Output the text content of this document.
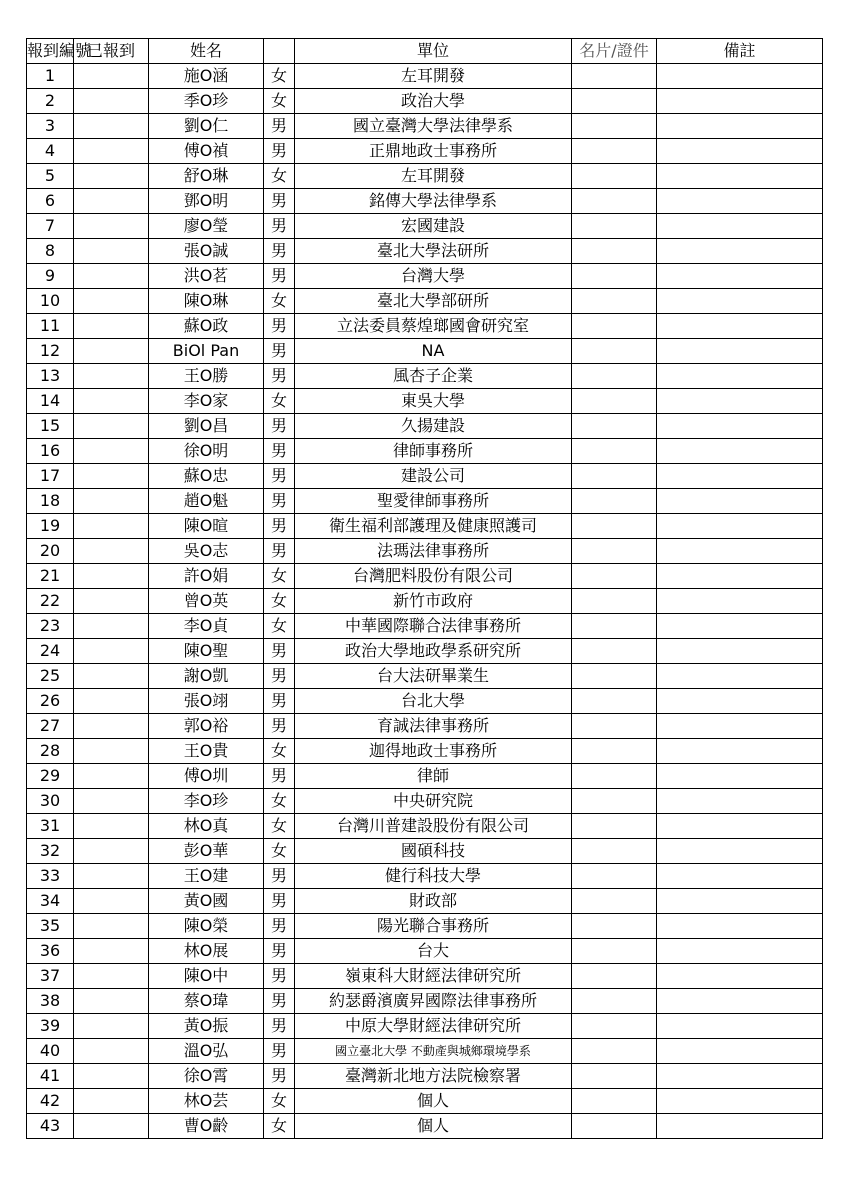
報到編號	已報到	姓名		單位	名片/證件	備註
1		施O涵	女	左耳開發		
2		季O珍	女	政治大學		
3		劉O仁	男	國立臺灣大學法律學系		
4		傅O禎	男	正鼎地政士事務所		
5		舒O琳	女	左耳開發		
6		鄧O明	男	銘傳大學法律學系		
7		廖O瑩	男	宏國建設		
8		張O誠	男	臺北大學法研所		
9		洪O茗	男	台灣大學		
10		陳O琳	女	臺北大學部研所		
11		蘇O政	男	立法委員蔡煌瑯國會研究室		
12		BiOl Pan	男	NA		
13		王O勝	男	風杏子企業		
14		李O家	女	東吳大學		
15		劉O昌	男	久揚建設		
16		徐O明	男	律師事務所		
17		蘇O忠	男	建設公司		
18		趙O魁	男	聖愛律師事務所		
19		陳O暄	男	衛生福利部護理及健康照護司		
20		吳O志	男	法瑪法律事務所		
21		許O娟	女	台灣肥料股份有限公司		
22		曾O英	女	新竹市政府		
23		李O貞	女	中華國際聯合法律事務所		
24		陳O聖	男	政治大學地政學系研究所		
25		謝O凱	男	台大法研畢業生		
26		張O翊	男	台北大學		
27		郭O裕	男	育誠法律事務所		
28		王O貴	女	迦得地政士事務所		
29		傅O圳	男	律師		
30		李O珍	女	中央研究院		
31		林O真	女	台灣川普建設股份有限公司		
32		彭O華	女	國碩科技		
33		王O建	男	健行科技大學		
34		黃O國	男	財政部		
35		陳O榮	男	陽光聯合事務所		
36		林O展	男	台大		
37		陳O中	男	嶺東科大財經法律研究所		
38		蔡O瑋	男	約瑟爵濱廣昇國際法律事務所		
39		黃O振	男	中原大學財經法律研究所		
40		溫O弘	男	國立臺北大學 不動產與城鄉環境學系		
41		徐O霄	男	臺灣新北地方法院檢察署		
42		林O芸	女	個人		
43		曹O齡	女	個人		
